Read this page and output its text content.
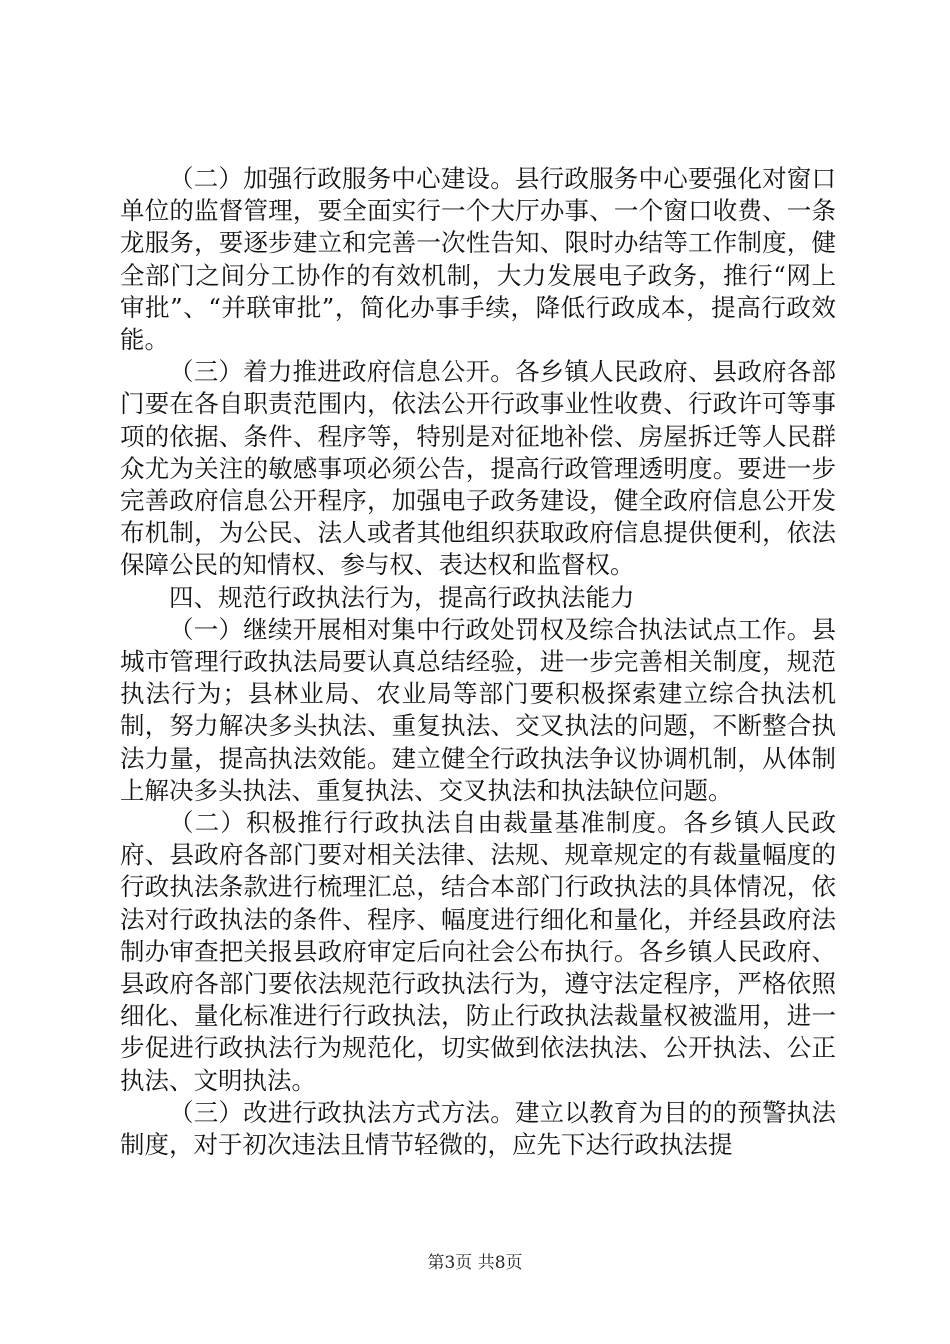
（二）加强行政服务中心建设。县行政服务中心要强化对窗口单位的监督管理，要全面实行一个大厅办事、一个窗口收费、一条龙服务，要逐步建立和完善一次性告知、限时办结等工作制度，健全部门之间分工协作的有效机制，大力发展电子政务，推行“网上审批”、“并联审批”，简化办事手续，降低行政成本，提高行政效能。

（三）着力推进政府信息公开。各乡镇人民政府、县政府各部门要在各自职责范围内，依法公开行政事业性收费、行政许可等事项的依据、条件、程序等，特别是对征地补偿、房屋拆迁等人民群众尤为关注的敏感事项必须公告，提高行政管理透明度。要进一步完善政府信息公开程序，加强电子政务建设，健全政府信息公开发布机制，为公民、法人或者其他组织获取政府信息提供便利，依法保障公民的知情权、参与权、表达权和监督权。

四、规范行政执法行为，提高行政执法能力

（一）继续开展相对集中行政处罚权及综合执法试点工作。县城市管理行政执法局要认真总结经验，进一步完善相关制度，规范执法行为；县林业局、农业局等部门要积极探索建立综合执法机制，努力解决多头执法、重复执法、交叉执法的问题，不断整合执法力量，提高执法效能。建立健全行政执法争议协调机制，从体制上解决多头执法、重复执法、交叉执法和执法缺位问题。

（二）积极推行行政执法自由裁量基准制度。各乡镇人民政府、县政府各部门要对相关法律、法规、规章规定的有裁量幅度的行政执法条款进行梳理汇总，结合本部门行政执法的具体情况，依法对行政执法的条件、程序、幅度进行细化和量化，并经县政府法制办审查把关报县政府审定后向社会公布执行。各乡镇人民政府、县政府各部门要依法规范行政执法行为，遵守法定程序，严格依照细化、量化标准进行行政执法，防止行政执法裁量权被滥用，进一步促进行政执法行为规范化，切实做到依法执法、公开执法、公正执法、文明执法。

（三）改进行政执法方式方法。建立以教育为目的的预警执法制度，对于初次违法且情节轻微的，应先下达行政执法提

第3页 共8页
